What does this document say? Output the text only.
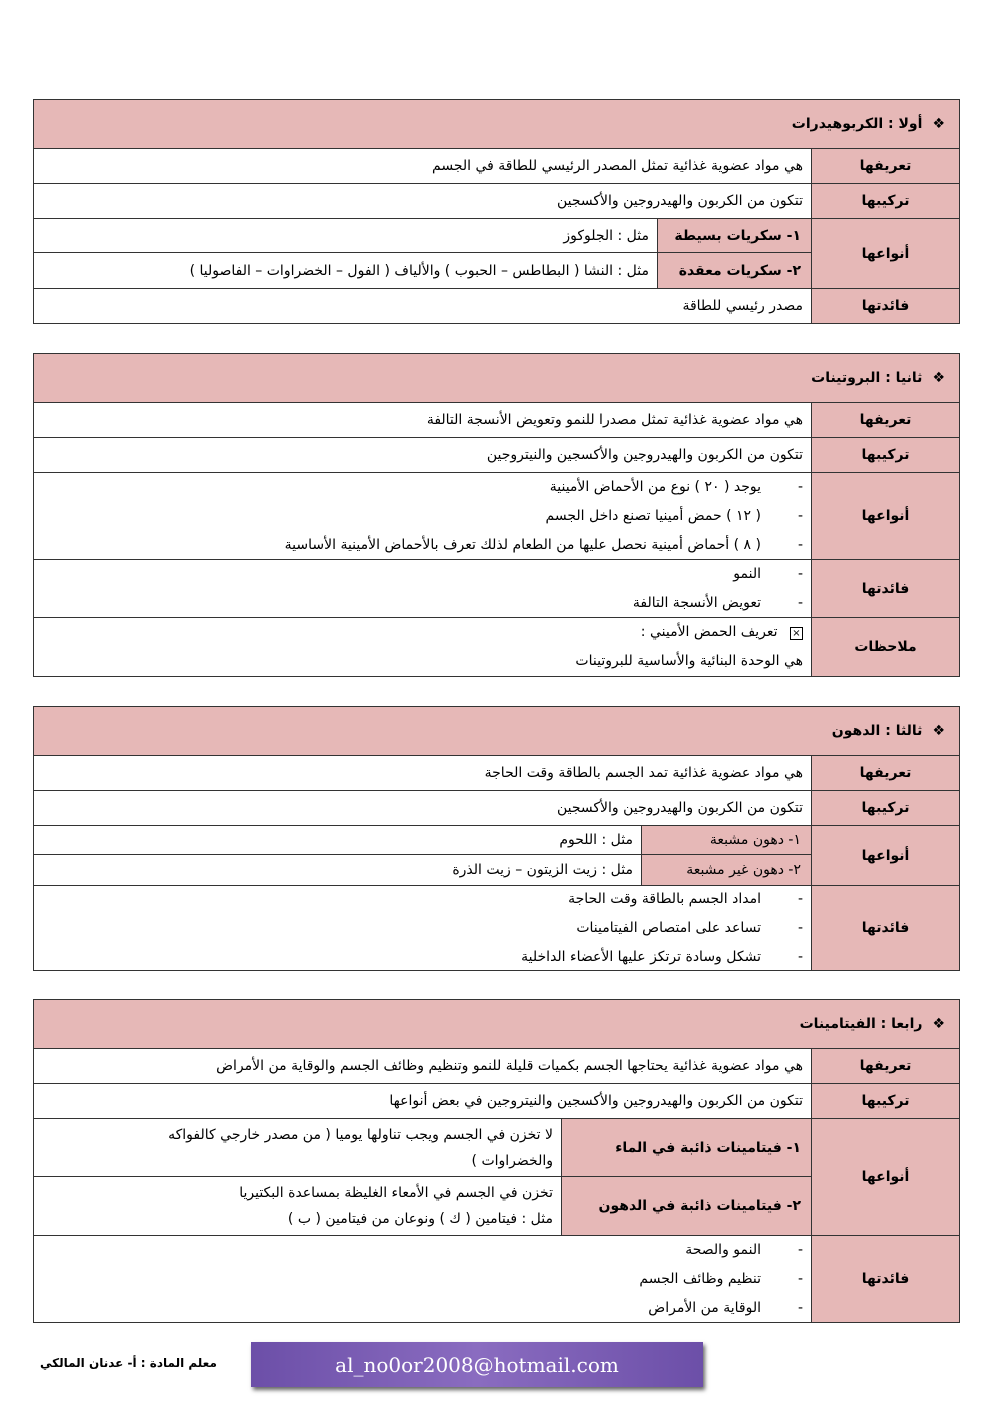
❖
أولا : الكربوهيدرات
تعريفها
هي مواد عضوية غذائية تمثل المصدر الرئيسي للطاقة في الجسم
تركيبها
تتكون من الكربون والهيدروجين والأكسجين
أنواعها
١- سكريات بسيطة
مثل : الجلوكوز
٢- سكريات معقدة
مثل : النشا ( البطاطس – الحبوب ) والألياف ( الفول – الخضراوات – الفاصوليا )
فائدتها
مصدر رئيسي للطاقة
❖
ثانيا : البروتينات
تعريفها
هي مواد عضوية غذائية تمثل مصدرا للنمو وتعويض الأنسجة التالفة
تركيبها
تتكون من الكربون والهيدروجين والأكسجين والنيتروجين
أنواعها
- يوجد ( ٢٠ ) نوع من الأحماض الأمينية
- ( ١٢ ) حمض أمينيا تصنع داخل الجسم
- ( ٨ ) أحماض أمينية نحصل عليها من الطعام لذلك تعرف بالأحماض الأمينية الأساسية
فائدتها
- النمو
- تعويض الأنسجة التالفة
ملاحظات
× تعريف الحمض الأميني :
هي الوحدة البنائية والأساسية للبروتينات
❖
ثالثا : الدهون
تعريفها
هي مواد عضوية غذائية تمد الجسم بالطاقة وقت الحاجة
تركيبها
تتكون من الكربون والهيدروجين والأكسجين
أنواعها
١- دهون مشبعة
مثل : اللحوم
٢- دهون غير مشبعة
مثل : زيت الزيتون – زيت الذرة
فائدتها
- امداد الجسم بالطاقة وقت الحاجة
- تساعد على امتصاص الفيتامينات
- تشكل وسادة ترتكز عليها الأعضاء الداخلية
❖
رابعا : الفيتامينات
تعريفها
هي مواد عضوية غذائية يحتاجها الجسم بكميات قليلة للنمو وتنظيم وظائف الجسم والوقاية من الأمراض
تركيبها
تتكون من الكربون والهيدروجين والأكسجين والنيتروجين في بعض أنواعها
أنواعها
١- فيتامينات ذائبة في الماء
لا تخزن في الجسم ويجب تناولها يوميا ( من مصدر خارجي كالفواكه
والخضراوات )
٢- فيتامينات ذائبة في الدهون
تخزن في الجسم في الأمعاء الغليظة بمساعدة البكتيريا
مثل : فيتامين ( ك ) ونوعان من فيتامين ( ب )
فائدتها
- النمو والصحة
- تنظيم وظائف الجسم
- الوقاية من الأمراض
معلم المادة : أ- عدنان المالكي	al_no0or2008@hotmail.com
